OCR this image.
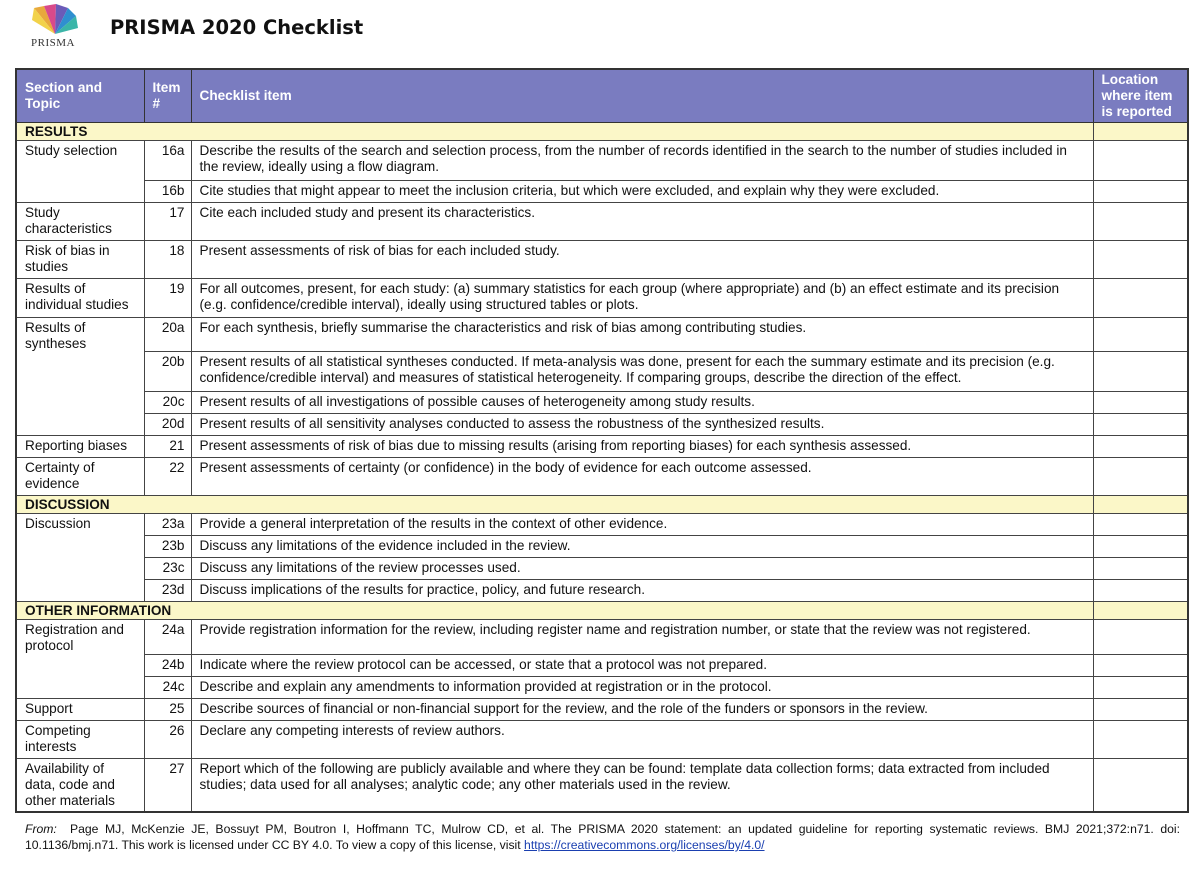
PRISMA
PRISMA 2020 Checklist
Section and Topic	Item #	Checklist item	Location where item is reported
RESULTS			
Study selection	16a	Describe the results of the search and selection process, from the number of records identified in the search to the number of studies included in the review, ideally using a flow diagram.	
	16b	Cite studies that might appear to meet the inclusion criteria, but which were excluded, and explain why they were excluded.	
Study characteristics	17	Cite each included study and present its characteristics.	
Risk of bias in studies	18	Present assessments of risk of bias for each included study.	
Results of individual studies	19	For all outcomes, present, for each study: (a) summary statistics for each group (where appropriate) and (b) an effect estimate and its precision (e.g. confidence/credible interval), ideally using structured tables or plots.	
Results of syntheses	20a	For each synthesis, briefly summarise the characteristics and risk of bias among contributing studies.	
	20b	Present results of all statistical syntheses conducted. If meta-analysis was done, present for each the summary estimate and its precision (e.g. confidence/credible interval) and measures of statistical heterogeneity. If comparing groups, describe the direction of the effect.	
	20c	Present results of all investigations of possible causes of heterogeneity among study results.	
	20d	Present results of all sensitivity analyses conducted to assess the robustness of the synthesized results.	
Reporting biases	21	Present assessments of risk of bias due to missing results (arising from reporting biases) for each synthesis assessed.	
Certainty of evidence	22	Present assessments of certainty (or confidence) in the body of evidence for each outcome assessed.	
DISCUSSION			
Discussion	23a	Provide a general interpretation of the results in the context of other evidence.	
	23b	Discuss any limitations of the evidence included in the review.	
	23c	Discuss any limitations of the review processes used.	
	23d	Discuss implications of the results for practice, policy, and future research.	
OTHER INFORMATION			
Registration and protocol	24a	Provide registration information for the review, including register name and registration number, or state that the review was not registered.	
	24b	Indicate where the review protocol can be accessed, or state that a protocol was not prepared.	
	24c	Describe and explain any amendments to information provided at registration or in the protocol.	
Support	25	Describe sources of financial or non-financial support for the review, and the role of the funders or sponsors in the review.	
Competing interests	26	Declare any competing interests of review authors.	
Availability of data, code and other materials	27	Report which of the following are publicly available and where they can be found: template data collection forms; data extracted from included studies; data used for all analyses; analytic code; any other materials used in the review.	
From: Page MJ, McKenzie JE, Bossuyt PM, Boutron I, Hoffmann TC, Mulrow CD, et al. The PRISMA 2020 statement: an updated guideline for reporting systematic reviews. BMJ 2021;372:n71. doi: 10.1136/bmj.n71. This work is licensed under CC BY 4.0. To view a copy of this license, visit https://creativecommons.org/licenses/by/4.0/
